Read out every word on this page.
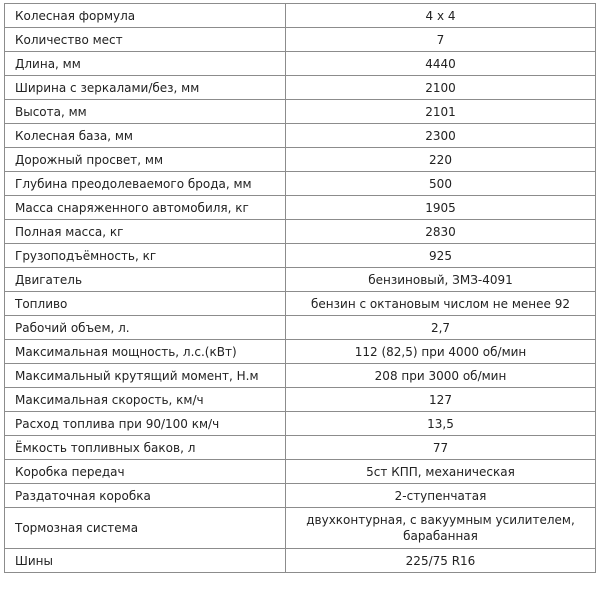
Колесная формула	4 х 4
Количество мест	7
Длина, мм	4440
Ширина с зеркалами/без, мм	2100
Высота, мм	2101
Колесная база, мм	2300
Дорожный просвет, мм	220
Глубина преодолеваемого брода, мм	500
Масса снаряженного автомобиля, кг	1905
Полная масса, кг	2830
Грузоподъёмность, кг	925
Двигатель	бензиновый, ЗМЗ-4091
Топливо	бензин с октановым числом не менее 92
Рабочий объем, л.	2,7
Максимальная мощность, л.с.(кВт)	112 (82,5) при 4000 об/мин
Максимальный крутящий момент, Н.м	208 при 3000 об/мин
Максимальная скорость, км/ч	127
Расход топлива при 90/100 км/ч	13,5
Ёмкость топливных баков, л	77
Коробка передач	5ст КПП, механическая
Раздаточная коробка	2-ступенчатая
Тормозная система	двухконтурная, с вакуумным усилителем, барабанная
Шины	225/75 R16
